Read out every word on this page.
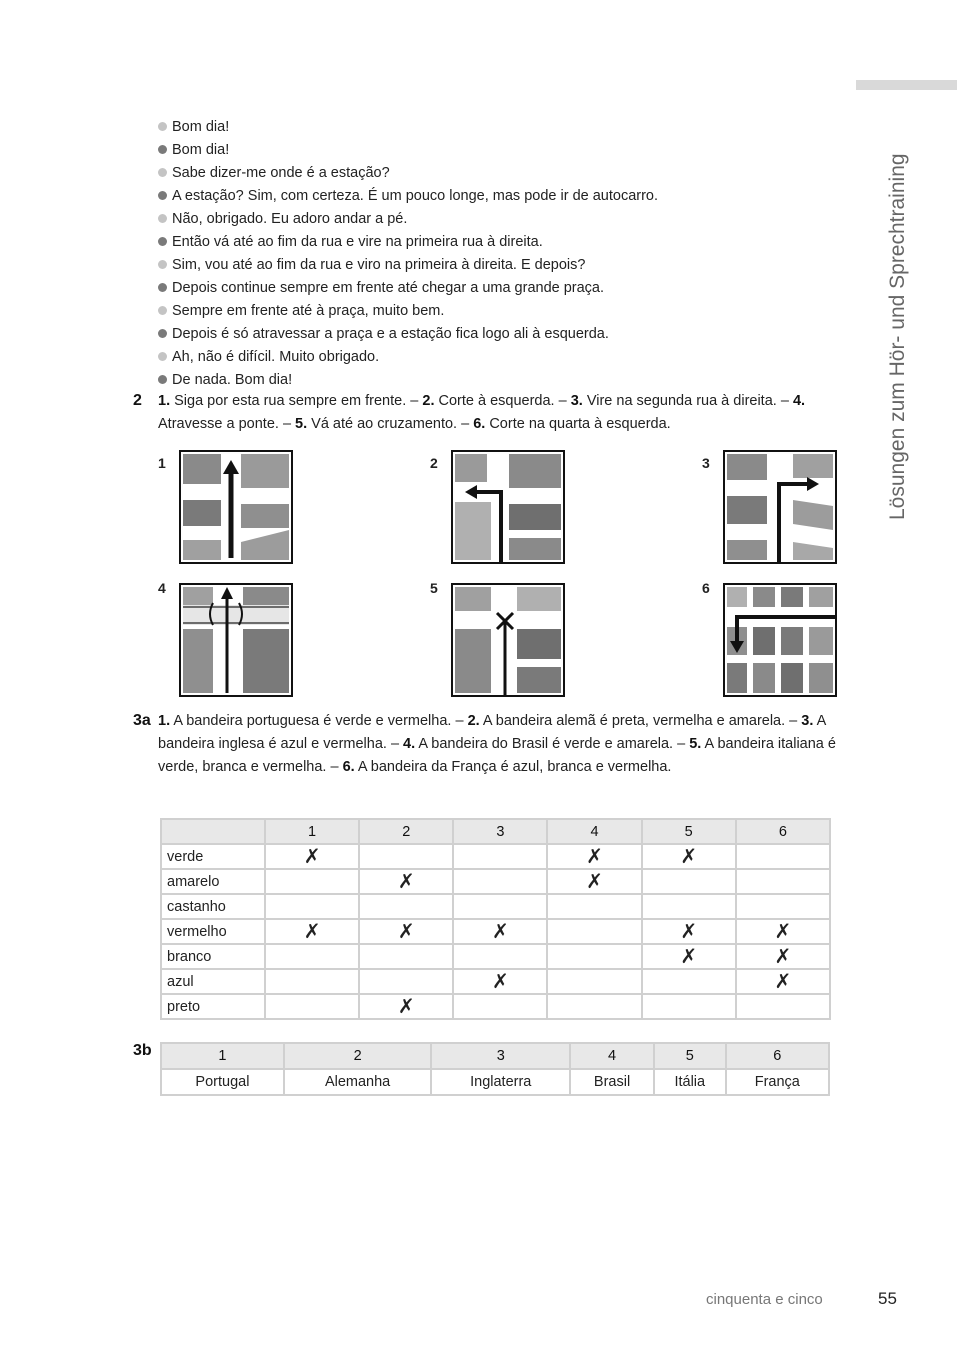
Lösungen zum Hör- und Sprechtraining
Bom dia!
Bom dia!
Sabe dizer-me onde é a estação?
A estação? Sim, com certeza. É um pouco longe, mas pode ir de autocarro.
Não, obrigado. Eu adoro andar a pé.
Então vá até ao fim da rua e vire na primeira rua à direita.
Sim, vou até ao fim da rua e viro na primeira à direita. E depois?
Depois continue sempre em frente até chegar a uma grande praça.
Sempre em frente até à praça, muito bem.
Depois é só atravessar a praça e a estação fica logo ali à esquerda.
Ah, não é difícil. Muito obrigado.
De nada. Bom dia!
2 1. Siga por esta rua sempre em frente. – 2. Corte à esquerda. – 3. Vire na segunda rua à direita. – 4. Atravesse a ponte. – 5. Vá até ao cruzamento. – 6. Corte na quarta à esquerda.
1	2	3
4	5	6
3a 1. A bandeira portuguesa é verde e vermelha. – 2. A bandeira alemã é preta, vermelha e amarela. – 3. A bandeira inglesa é azul e vermelha. – 4. A bandeira do Brasil é verde e amarela. – 5. A bandeira italiana é verde, branca e vermelha. – 6. A bandeira da França é azul, branca e vermelha.
	1	2	3	4	5	6
verde	✗			✗	✗	
amarelo		✗		✗		
castanho						
vermelho	✗	✗	✗		✗	✗
branco					✗	✗
azul			✗			✗
preto		✗				
3b	1	2	3	4	5	6
Portugal	Alemanha	Inglaterra	Brasil	Itália	França
cinquenta e cinco	55
